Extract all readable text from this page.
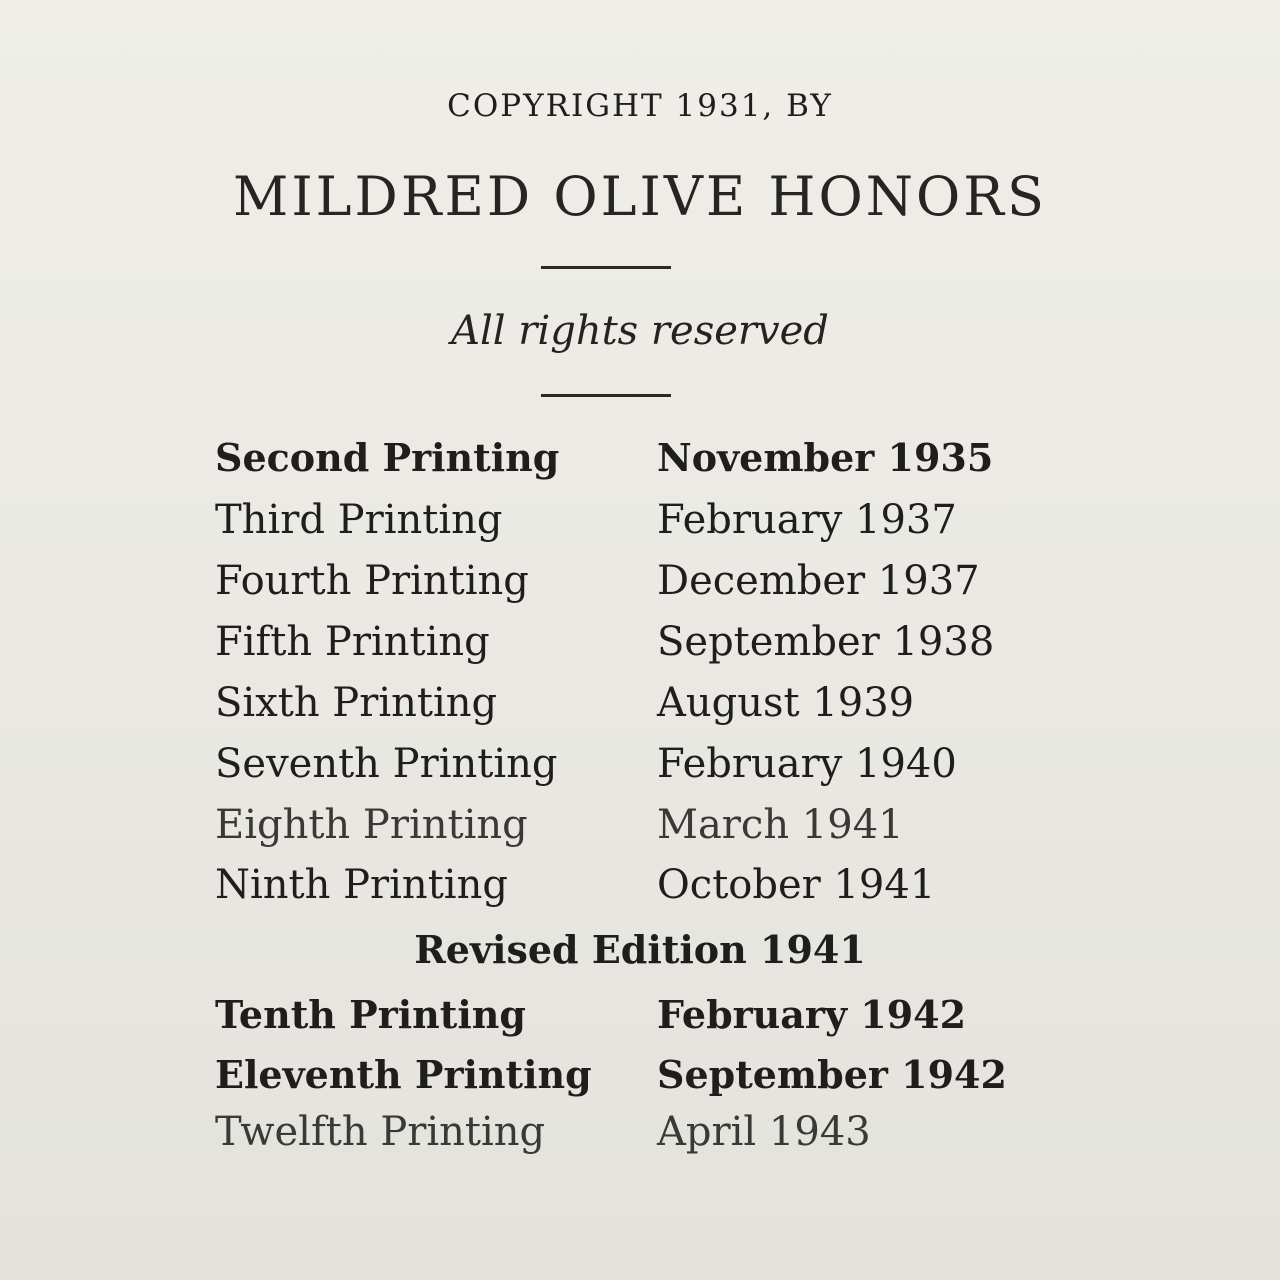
COPYRIGHT 1931, BY
MILDRED OLIVE HONORS
All rights reserved
Second Printing	November 1935
Third Printing	February 1937
Fourth Printing	December 1937
Fifth Printing	September 1938
Sixth Printing	August 1939
Seventh Printing February 1940
Eighth Printing	March 1941
Ninth Printing	October 1941
Revised Edition 1941
Tenth Printing	February 1942
Eleventh Printing September 1942
Twelfth Printing	April 1943
